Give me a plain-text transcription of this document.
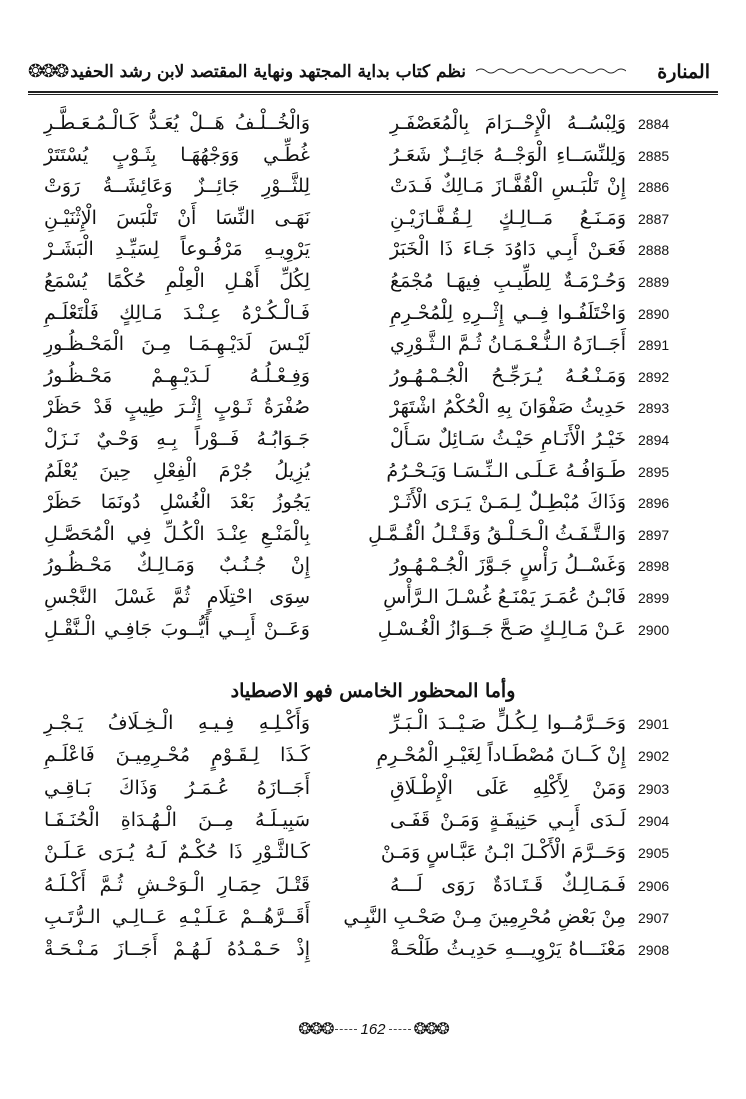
المنارة
نظم كتاب بداية المجتهد ونهاية المقتصد لابن رشد الحفيد
❂❂❂
2884
وَلِبْسُــهُ الْإِحْــرَامَ بِالْمُعَصْفَـرِ
وَالْخُــلْـفُ هَــلْ يُعَـدُّ كَـالْـمُـعَـطَّـرِ
2885
وَلِلنِّسَــاءِ الْوَجْــهُ جَائِــزٌ شَعَـرُ
غُطِّـي وَوَجْهُهَـا بِثَـوْبٍ يُسْتَتَرْ
2886
إِنْ تَلْبَـسِ الْقُفَّـازَ مَـالِكٌ فَـدَتْ
لِلثَّــوْرِ جَائِــزٌ وَعَائِشَــةُ رَوَتْ
2887
وَمَـنَـعُ مَــالِـكٍ لِـقُـفَّـازَيْـنِ
نَهَـى النِّسَا أَنْ تَلْبَسَ الْإِثْنَيْـنِ
2888
فَعَـنْ أَبِـي دَاوُدَ جَـاءَ ذَا الْخَبَرْ
يَرْوِيـهِ مَرْفُـوعاً لِسَيِّـدِ الْبَشَـرْ
2889
وَحُـرْمَـةٌ لِلطِّيـبِ فِيهَـا مُجْمَعُ
لِكُلِّ أَهْـلِ الْعِلْمِ حُكْمًا يُسْمَعُ
2890
وَاخْتَلَفُـوا فِــي إِثْــرِهِ لِلْمُحْـرِمِ
فَـالْـكُـرْهُ عِـنْـدَ مَـالِكٍ فَلْتَعْلَـمِ
2891
أَجَــازَهُ الـنُّـعْـمَـانُ ثُـمَّ الـثَّـوْرِي
لَيْـسَ لَدَيْـهِـمَـا مِـنَ الْمَحْـظُـورِ
2892
وَمَـنْـعُـهُ يُـرَجِّـحُ الْجُـمْـهُـورُ
وَفِـعْـلُـهُ لَـدَيْـهِـمْ مَحْـظُـورُ
2893
حَدِيثُ صَفْوَانَ بِهِ الْحُكْمُ اشْتَهَرْ
صُفْرَةُ ثَـوْبٍ إِثْـرَ طِيبٍ قَدْ حَظَرْ
2894
خَيْـرُ الْأَنَـامِ حَيْـثُ سَـائِلٌ سَـأَلْ
جَـوَابُـهُ فَــوْراً بِـهِ وَحْـيٌ نَـزَلْ
2895
طَـوَافُـهُ عَـلَـى الـنِّـسَـا وَيَـحْـرُمُ
يُزِيلُ جُرْمَ الْفِعْلِ حِينَ يُعْلَمُ
2896
وَذَاكَ مُبْطِـلٌ لِـمَـنْ يَـرَى الْأَثَـرْ
يَجُوزُ بَعْدَ الْغُسْلِ دُونَمَا حَظَرْ
2897
وَالـتَّـفَـثُ الْـحَـلْـقُ وَقَـتْـلُ الْقُـمَّـلِ
بِالْمَنْـعِ عِنْـدَ الْكُـلِّ فِي الْمُحَصَّـلِ
2898
وَغَسْــلُ رَأْسٍ جَـوَّزَ الْجُـمْـهُـورُ
إِنْ جُـنُـبٌ وَمَـالِـكٌ مَحْـظُـورُ
2899
فَابْـنُ عُمَـرَ يَمْنَـعُ غُسْـلَ الـرَّأْسِ
سِوَى احْتِلَامٍ ثُمَّ غَسْلَ النَّجْسِ
2900
عَـنْ مَـالِـكٍ صَـحَّ جَــوَازُ الْغُـسْـلِ
وَعَــنْ أَبِــي أَيُّــوبَ جَافِـي الْـنَّقْـلِ
وأما المحظور الخامس فهو الاصطياد
2901
وَحَــرَّمُــوا لِـكُـلٍّ صَـيْــدَ الْـبَـرِّ
وَأَكْـلِـهِ فِـيـهِ الْـخِـلَافُ يَـجْـرِ
2902
إِنْ كَــانَ مُصْطَـاداً لِغَيْـرِ الْمُحْـرِمِ
كَـذَا لِـقَـوْمٍ مُحْـرِمِيـنَ فَاعْلَـمِ
2903
وَمَنْ لِأَكْلِهِ عَلَى الْإِطْـلَاقِ
أَجَــازَهُ عُـمَـرُ وَذَاكَ بَـاقِـي
2904
لَـدَى أَبِـي حَنِيفَـةٍ وَمَـنْ قَفَـى
سَبِيـلَـهُ مِــنَ الْـهُـدَاةِ الْحُنَـفَـا
2905
وَحَــرَّمَ الْأَكْـلَ ابْـنُ عَبَّـاسٍ وَمَـنْ
كَـالثَّـوْرِ ذَا حُكْـمٌ لَـهُ يُـرَى عَـلَـنْ
2906
فَـمَـالِـكٌ قَـتَـادَةٌ رَوَى لَـــهُ
قَتْـلَ حِمَـارِ الْـوَحْـشِ ثُـمَّ أَكْـلَـهُ
2907
مِنْ بَعْضِ مُحْرِمِينَ مِـنْ صَحْـبِ النَّبِـي
أَقَــرَّهُــمْ عَـلَـيْـهِ عَــالِـي الـرُّتَـبِ
2908
مَعْنَـــاهُ يَرْوِيـــهِ حَدِيـثُ طَلْحَـةْ
إِذْ حَـمْـدُهُ لَـهُـمْ أَجَــازَ مَـنْـحَـةْ
❂❂❂ 162 ❂❂❂
